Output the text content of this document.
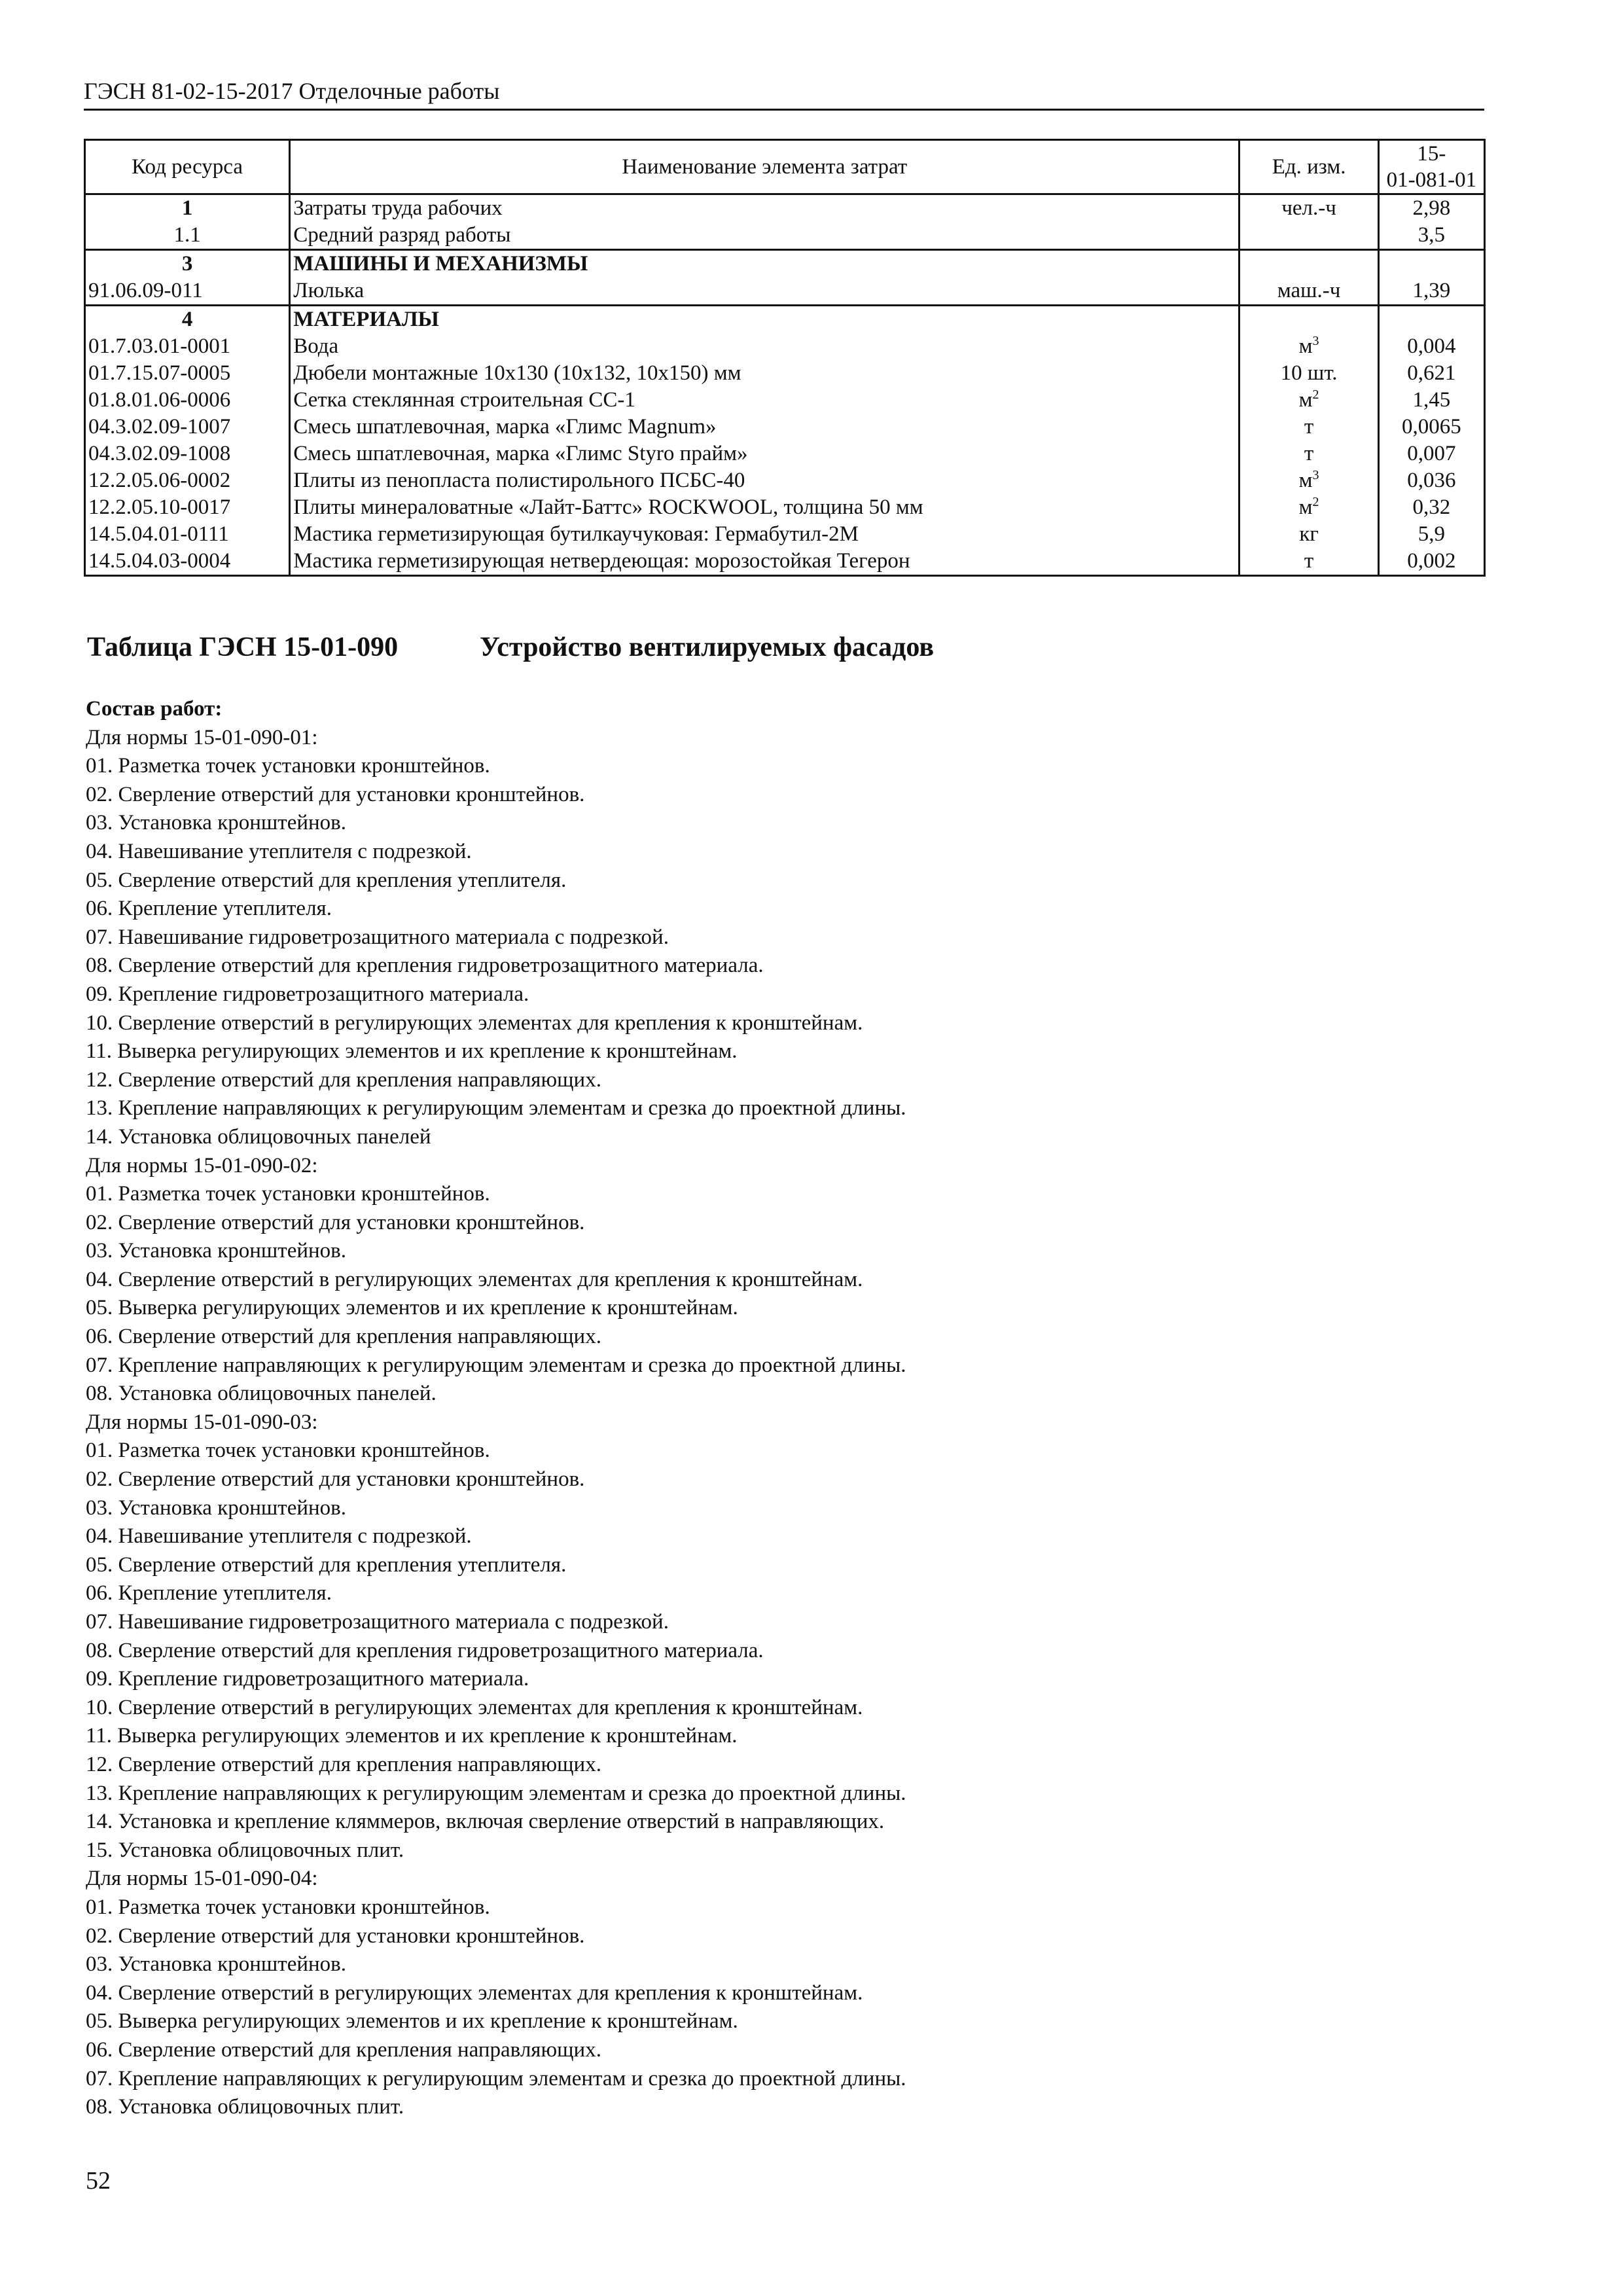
ГЭСН 81-02-15-2017 Отделочные работы
Код ресурса	Наименование элемента затрат	Ед. изм.	15-
01-081-01
1	Затраты труда рабочих	чел.-ч	2,98
1.1	Средний разряд работы		3,5
3	МАШИНЫ И МЕХАНИЗМЫ		
91.06.09-011	Люлька	маш.-ч	1,39
4	МАТЕРИАЛЫ		
01.7.03.01-0001	Вода	$м^3$	0,004
01.7.15.07-0005	Дюбели монтажные 10х130 (10х132, 10х150) мм	10 шт.	0,621
01.8.01.06-0006	Сетка стеклянная строительная СС-1	$м^2$	1,45
04.3.02.09-1007	Смесь шпатлевочная, марка «Глимс Magnum»	т	0,0065
04.3.02.09-1008	Смесь шпатлевочная, марка «Глимс Styro прайм»	т	0,007
12.2.05.06-0002	Плиты из пенопласта полистирольного ПСБС-40	$м^3$	0,036
12.2.05.10-0017	Плиты минераловатные «Лайт-Баттс» ROCKWOOL, толщина 50 мм	$м^2$	0,32
14.5.04.01-0111	Мастика герметизирующая бутилкаучуковая: Гермабутил-2М	кг	5,9
14.5.04.03-0004	Мастика герметизирующая нетвердеющая: морозостойкая Тегерон	т	0,002
Таблица ГЭСН 15-01-090	Устройство вентилируемых фасадов
Состав работ:
Для нормы 15-01-090-01:
01. Разметка точек установки кронштейнов.
02. Сверление отверстий для установки кронштейнов.
03. Установка кронштейнов.
04. Навешивание утеплителя с подрезкой.
05. Сверление отверстий для крепления утеплителя.
06. Крепление утеплителя.
07. Навешивание гидроветрозащитного материала с подрезкой.
08. Сверление отверстий для крепления гидроветрозащитного материала.
09. Крепление гидроветрозащитного материала.
10. Сверление отверстий в регулирующих элементах для крепления к кронштейнам.
11. Выверка регулирующих элементов и их крепление к кронштейнам.
12. Сверление отверстий для крепления направляющих.
13. Крепление направляющих к регулирующим элементам и срезка до проектной длины.
14. Установка облицовочных панелей
Для нормы 15-01-090-02:
01. Разметка точек установки кронштейнов.
02. Сверление отверстий для установки кронштейнов.
03. Установка кронштейнов.
04. Сверление отверстий в регулирующих элементах для крепления к кронштейнам.
05. Выверка регулирующих элементов и их крепление к кронштейнам.
06. Сверление отверстий для крепления направляющих.
07. Крепление направляющих к регулирующим элементам и срезка до проектной длины.
08. Установка облицовочных панелей.
Для нормы 15-01-090-03:
01. Разметка точек установки кронштейнов.
02. Сверление отверстий для установки кронштейнов.
03. Установка кронштейнов.
04. Навешивание утеплителя с подрезкой.
05. Сверление отверстий для крепления утеплителя.
06. Крепление утеплителя.
07. Навешивание гидроветрозащитного материала с подрезкой.
08. Сверление отверстий для крепления гидроветрозащитного материала.
09. Крепление гидроветрозащитного материала.
10. Сверление отверстий в регулирующих элементах для крепления к кронштейнам.
11. Выверка регулирующих элементов и их крепление к кронштейнам.
12. Сверление отверстий для крепления направляющих.
13. Крепление направляющих к регулирующим элементам и срезка до проектной длины.
14. Установка и крепление кляммеров, включая сверление отверстий в направляющих.
15. Установка облицовочных плит.
Для нормы 15-01-090-04:
01. Разметка точек установки кронштейнов.
02. Сверление отверстий для установки кронштейнов.
03. Установка кронштейнов.
04. Сверление отверстий в регулирующих элементах для крепления к кронштейнам.
05. Выверка регулирующих элементов и их крепление к кронштейнам.
06. Сверление отверстий для крепления направляющих.
07. Крепление направляющих к регулирующим элементам и срезка до проектной длины.
08. Установка облицовочных плит.
52
